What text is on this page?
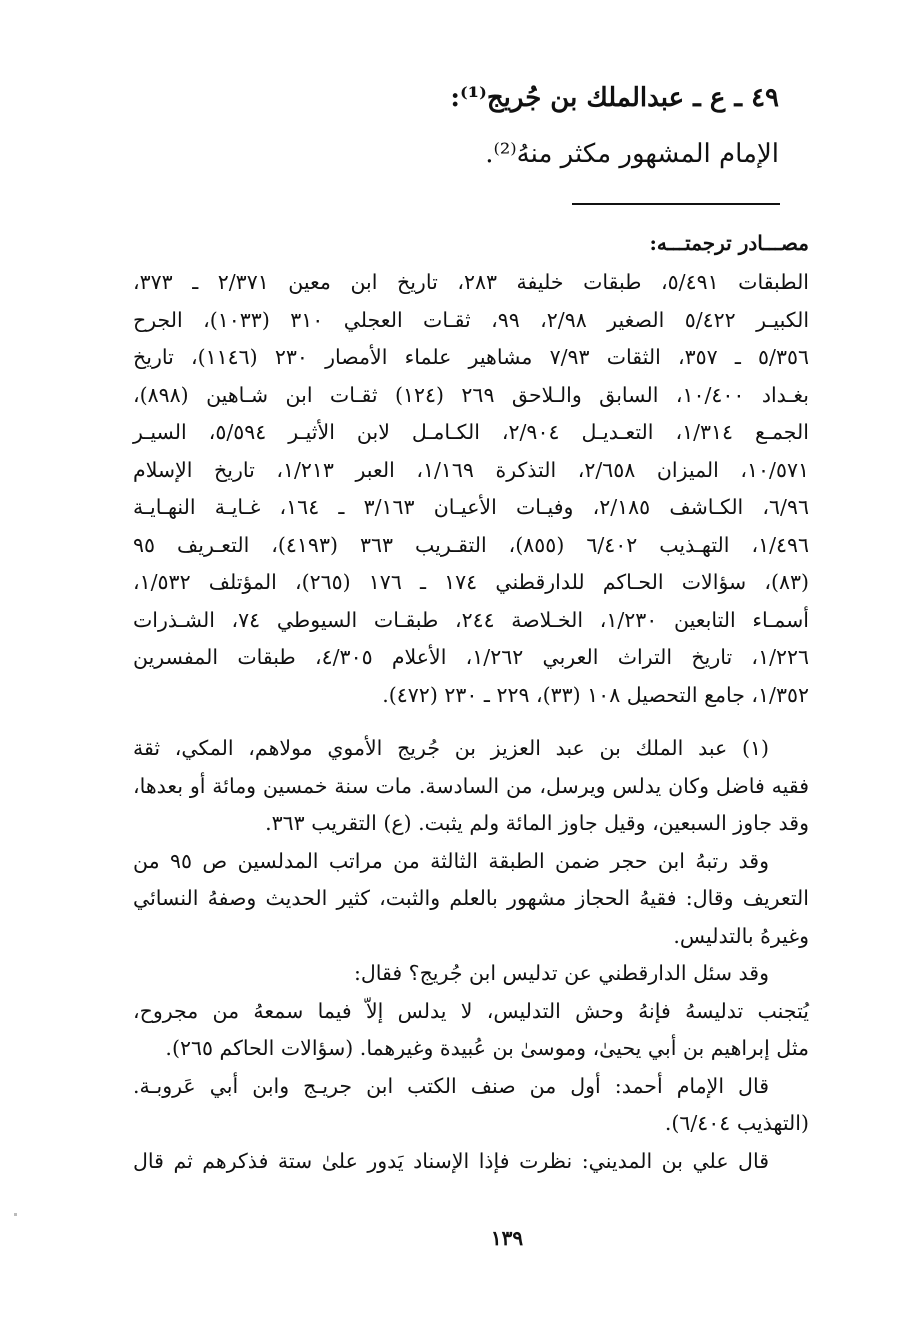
٤٩ ـ ع ـ عبدالملك بن جُريج⁽¹⁾:
الإمام المشهور مكثر منهُ⁽²⁾.
مصـــادر ترجمتـــه:
الطبقات ٥/٤٩١، طبقات خليفة ٢٨٣، تاريخ ابن معين ٢/٣٧١ ـ ٣٧٣،
الكبيـر ٥/٤٢٢ الصغير ٢/٩٨، ٩٩، ثقـات العجلي ٣١٠ (١٠٣٣)، الجرح
٥/٣٥٦ ـ ٣٥٧، الثقات ٧/٩٣ مشاهير علماء الأمصار ٢٣٠ (١١٤٦)، تاريخ
بغـداد ١٠/٤٠٠، السابق والـلاحق ٢٦٩ (١٢٤) ثقـات ابن شـاهين (٨٩٨)،
الجمـع ١/٣١٤، التعـديـل ٢/٩٠٤، الكـامـل لابن الأثيـر ٥/٥٩٤، السيـر
١٠/٥٧١، الميزان ٢/٦٥٨، التذكرة ١/١٦٩، العبر ١/٢١٣، تاريخ الإسلام
٦/٩٦، الكـاشف ٢/١٨٥، وفيـات الأعيـان ٣/١٦٣ ـ ١٦٤، غـايـة النهـايـة
١/٤٩٦، التهـذيب ٦/٤٠٢ (٨٥٥)، التقـريب ٣٦٣ (٤١٩٣)، التعـريف ٩٥
(٨٣)، سؤالات الحـاكم للدارقطني ١٧٤ ـ ١٧٦ (٢٦٥)، المؤتلف ١/٥٣٢،
أسمـاء التابعين ١/٢٣٠، الخـلاصة ٢٤٤، طبقـات السيوطي ٧٤، الشـذرات
١/٢٢٦، تاريخ التراث العربي ١/٢٦٢، الأعلام ٤/٣٠٥، طبقات المفسرين
١/٣٥٢، جامع التحصيل ١٠٨ (٣٣)، ٢٢٩ ـ ٢٣٠ (٤٧٢).

(١) عبد الملك بن عبد العزيز بن جُريج الأموي مولاهم، المكي، ثقة
فقيه فاضل وكان يدلس ويرسل، من السادسة. مات سنة خمسين ومائة أو بعدها،
وقد جاوز السبعين، وقيل جاوز المائة ولم يثبت. (ع) التقريب ٣٦٣.

وقد رتبهُ ابن حجر ضمن الطبقة الثالثة من مراتب المدلسين ص ٩٥ من
التعريف وقال: فقيهُ الحجاز مشهور بالعلم والثبت، كثير الحديث وصفهُ النسائي
وغيرهُ بالتدليس.

وقد سئل الدارقطني عن تدليس ابن جُريج؟ فقال:

يُتجنب تدليسهُ فإنهُ وحش التدليس، لا يدلس إلاّ فيما سمعهُ من مجروح،
مثل إبراهيم بن أبي يحيىٰ، وموسىٰ بن عُبيدة وغيرهما. (سؤالات الحاكم ٢٦٥).

قال الإمام أحمد: أول من صنف الكتب ابن جريـج وابن أبي عَروبـة.
(التهذيب ٦/٤٠٤).

قال علي بن المديني: نظرت فإذا الإسناد يَدور علىٰ ستة فذكرهم ثم قال

١٣٩
